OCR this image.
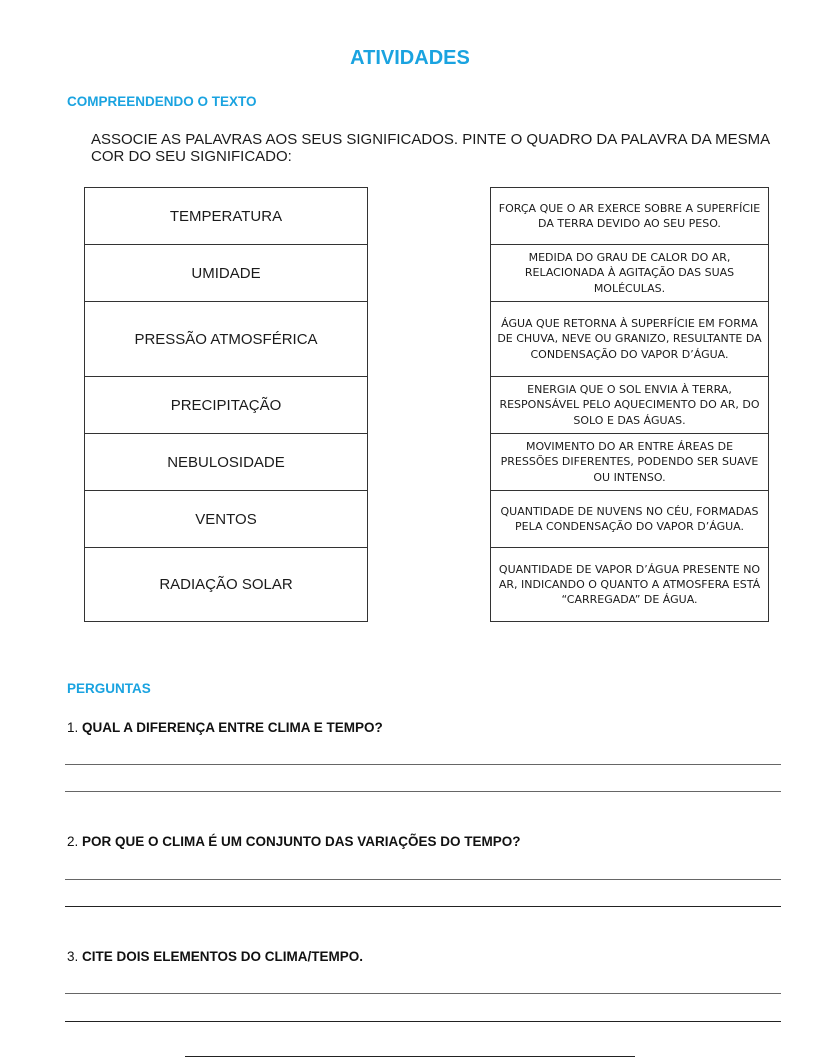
ATIVIDADES
COMPREENDENDO O TEXTO
ASSOCIE AS PALAVRAS AOS SEUS SIGNIFICADOS. PINTE O QUADRO DA PALAVRA DA MESMA COR DO SEU SIGNIFICADO:
TEMPERATURA
UMIDADE
PRESSÃO ATMOSFÉRICA
PRECIPITAÇÃO
NEBULOSIDADE
VENTOS
RADIAÇÃO SOLAR
FORÇA QUE O AR EXERCE SOBRE A SUPERFÍCIE DA TERRA DEVIDO AO SEU PESO.
MEDIDA DO GRAU DE CALOR DO AR, RELACIONADA À AGITAÇÃO DAS SUAS MOLÉCULAS.
ÁGUA QUE RETORNA À SUPERFÍCIE EM FORMA DE CHUVA, NEVE OU GRANIZO, RESULTANTE DA CONDENSAÇÃO DO VAPOR D’ÁGUA.
ENERGIA QUE O SOL ENVIA À TERRA, RESPONSÁVEL PELO AQUECIMENTO DO AR, DO SOLO E DAS ÁGUAS.
MOVIMENTO DO AR ENTRE ÁREAS DE PRESSÕES DIFERENTES, PODENDO SER SUAVE OU INTENSO.
QUANTIDADE DE NUVENS NO CÉU, FORMADAS PELA CONDENSAÇÃO DO VAPOR D’ÁGUA.
QUANTIDADE DE VAPOR D’ÁGUA PRESENTE NO AR, INDICANDO O QUANTO A ATMOSFERA ESTÁ “CARREGADA” DE ÁGUA.
PERGUNTAS
1. QUAL A DIFERENÇA ENTRE CLIMA E TEMPO?
2. POR QUE O CLIMA É UM CONJUNTO DAS VARIAÇÕES DO TEMPO?
3. CITE DOIS ELEMENTOS DO CLIMA/TEMPO.
